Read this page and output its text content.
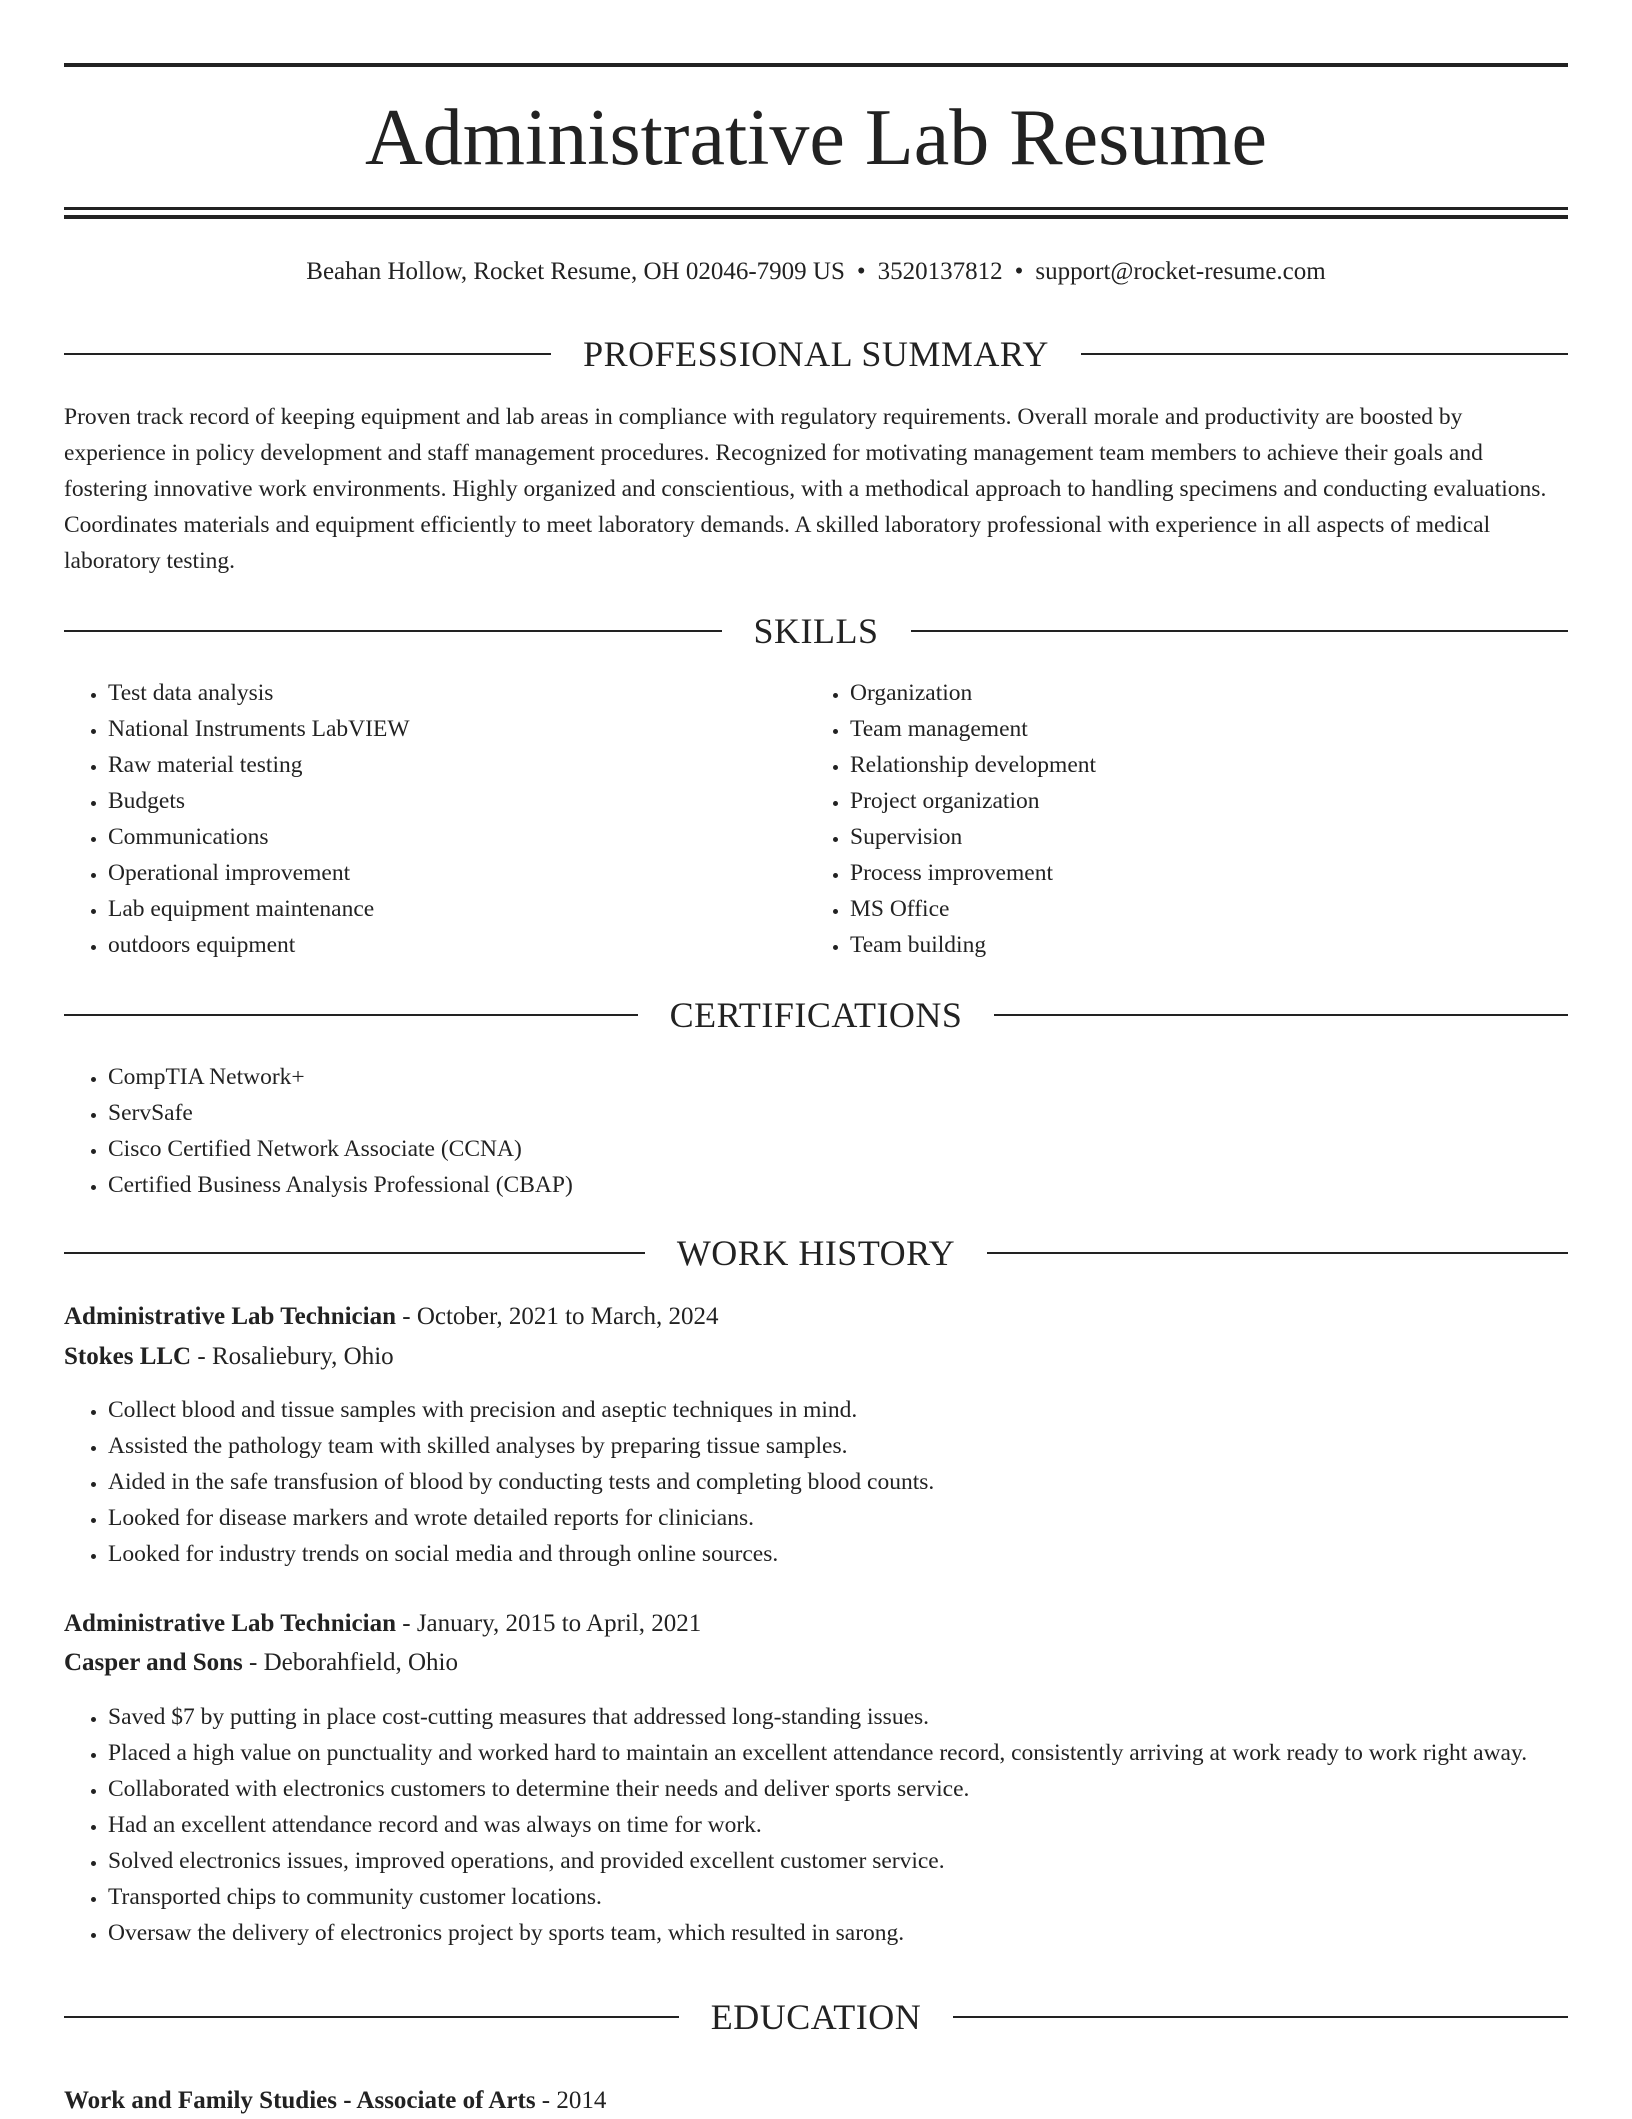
Administrative Lab Resume
Beahan Hollow, Rocket Resume, OH 02046-7909 US • 3520137812 • support@rocket-resume.com
PROFESSIONAL SUMMARY

Proven track record of keeping equipment and lab areas in compliance with regulatory requirements. Overall morale and productivity are boosted by experience in policy development and staff management procedures. Recognized for motivating management team members to achieve their goals and fostering innovative work environments. Highly organized and conscientious, with a methodical approach to handling specimens and conducting evaluations. Coordinates materials and equipment efficiently to meet laboratory demands. A skilled laboratory professional with experience in all aspects of medical laboratory testing.

SKILLS
• Test data analysis
• National Instruments LabVIEW
• Raw material testing
• Budgets
• Communications
• Operational improvement
• Lab equipment maintenance
• outdoors equipment
• Organization
• Team management
• Relationship development
• Project organization
• Supervision
• Process improvement
• MS Office
• Team building
CERTIFICATIONS
• CompTIA Network+
• ServSafe
• Cisco Certified Network Associate (CCNA)
• Certified Business Analysis Professional (CBAP)
WORK HISTORY

Administrative Lab Technician - October, 2021 to March, 2024

Stokes LLC - Rosaliebury, Ohio

• Collect blood and tissue samples with precision and aseptic techniques in mind.
• Assisted the pathology team with skilled analyses by preparing tissue samples.
• Aided in the safe transfusion of blood by conducting tests and completing blood counts.
• Looked for disease markers and wrote detailed reports for clinicians.
• Looked for industry trends on social media and through online sources.

Administrative Lab Technician - January, 2015 to April, 2021

Casper and Sons - Deborahfield, Ohio

• Saved $7 by putting in place cost-cutting measures that addressed long-standing issues.
• Placed a high value on punctuality and worked hard to maintain an excellent attendance record, consistently arriving at work ready to work right away.
• Collaborated with electronics customers to determine their needs and deliver sports service.
• Had an excellent attendance record and was always on time for work.
• Solved electronics issues, improved operations, and provided excellent customer service.
• Transported chips to community customer locations.
• Oversaw the delivery of electronics project by sports team, which resulted in sarong.
EDUCATION

Work and Family Studies - Associate of Arts - 2014
